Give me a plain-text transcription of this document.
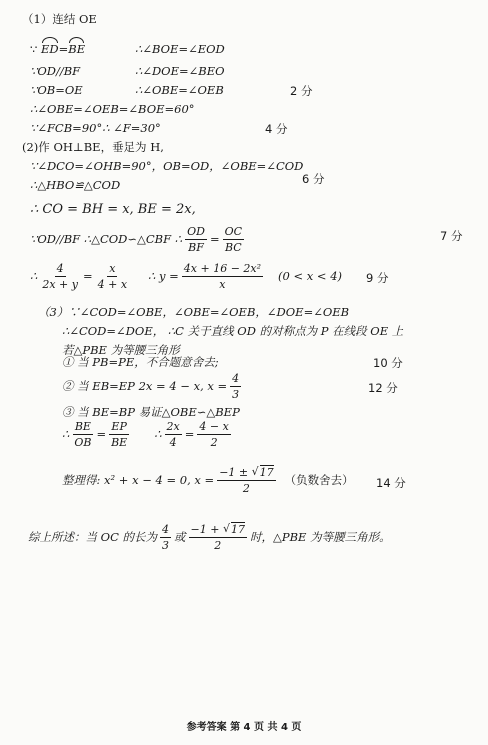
（1）连结 OE
∵ ED=BE	∴∠BOE=∠EOD
∵OD//BF	∴∠DOE=∠BEO
∵OB=OE	∴∠OBE=∠OEB	2 分
∴∠OBE=∠OEB=∠BOE=60°
∵∠FCB=90°∴ ∠F=30°	4 分
(2)作 OH⊥BE，垂足为 H,
∵∠DCO=∠OHB=90°，OB=OD，∠OBE=∠COD
∴△HBO≌△COD	6 分
∴ CO = BH = x, BE = 2x,
∵OD//BF ∴△COD∽△CBF ∴ $\frac{OD}{BF} = \frac{OC}{BC}$	7 分
∴ $\frac{4}{2x + y} = \frac{x}{4 + x}$ ∴ $y = \frac{\text{4x + 16 − 2x²}}{x} (0 < x < 4)$ 9 分
（3）∵∠COD=∠OBE，∠OBE=∠OEB，∠DOE=∠OEB
∴∠COD=∠DOE， ∴C 关于直线 OD 的对称点为 P 在线段 OE 上
若△PBE 为等腰三角形
① 当 PB=PE，不合题意舍去;	10 分
② 当 EB=EP 2x = 4 − x, $x = \frac{4}{3}$	12 分
③ 当 BE=BP 易证△OBE∽△BEP
∴ $\frac{BE}{OB} = \frac{EP}{BE}$ ∴ $\frac{2x}{4} = \frac{4 - x}{2}$
整理得: x² + x − 4 = 0, $x = \frac{-1 \pm √ 17}{2}$ （负数舍去） 14 分
综上所述：当 OC 的长为 $\frac{4}{3}$ 或 $\frac{-1 + √ 17}{2}$ 时，△PBE 为等腰三角形。
参考答案 第 4 页 共 4 页
